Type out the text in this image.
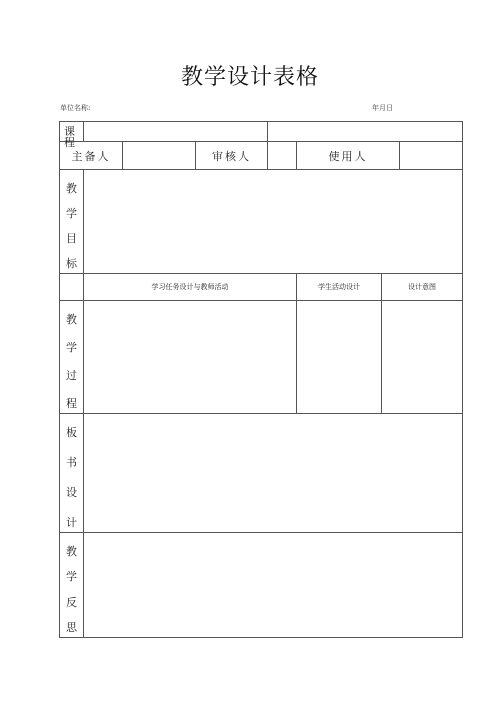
教学设计表格
单位名称:	年月日
课程							

主备人			审核人		使用人		

教
学
目
标							

	学习任务设计与教师活动				学生活动设计	设计意图	

教
学
过
程							

板
书
设
计							

教
学
反
思							
